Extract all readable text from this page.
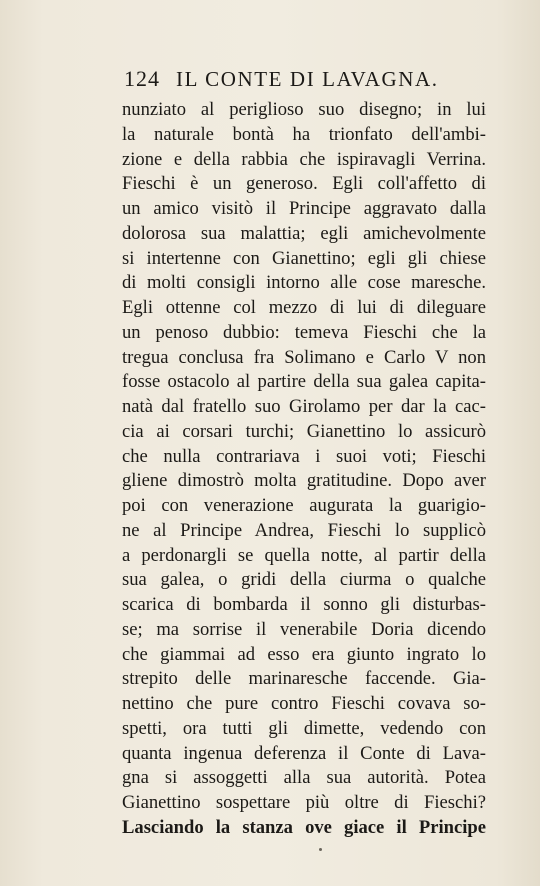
124 IL CONTE DI LAVAGNA.
nunziato al periglioso suo disegno; in lui
la naturale bontà ha trionfato dell'ambi-
zione e della rabbia che ispiravagli Verrina.
Fieschi è un generoso. Egli coll'affetto di
un amico visitò il Principe aggravato dalla
dolorosa sua malattia; egli amichevolmente
si intertenne con Gianettino; egli gli chiese
di molti consigli intorno alle cose maresche.
Egli ottenne col mezzo di lui di dileguare
un penoso dubbio: temeva Fieschi che la
tregua conclusa fra Solimano e Carlo V non
fosse ostacolo al partire della sua galea capita-
natà dal fratello suo Girolamo per dar la cac-
cia ai corsari turchi; Gianettino lo assicurò
che nulla contrariava i suoi voti; Fieschi
gliene dimostrò molta gratitudine. Dopo aver
poi con venerazione augurata la guarigio-
ne al Principe Andrea, Fieschi lo supplicò
a perdonargli se quella notte, al partir della
sua galea, o gridi della ciurma o qualche
scarica di bombarda il sonno gli disturbas-
se; ma sorrise il venerabile Doria dicendo
che giammai ad esso era giunto ingrato lo
strepito delle marinaresche faccende. Gia-
nettino che pure contro Fieschi covava so-
spetti, ora tutti gli dimette, vedendo con
quanta ingenua deferenza il Conte di Lava-
gna si assoggetti alla sua autorità. Potea
Gianettino sospettare più oltre di Fieschi?
Lasciando la stanza ove giace il Principe
